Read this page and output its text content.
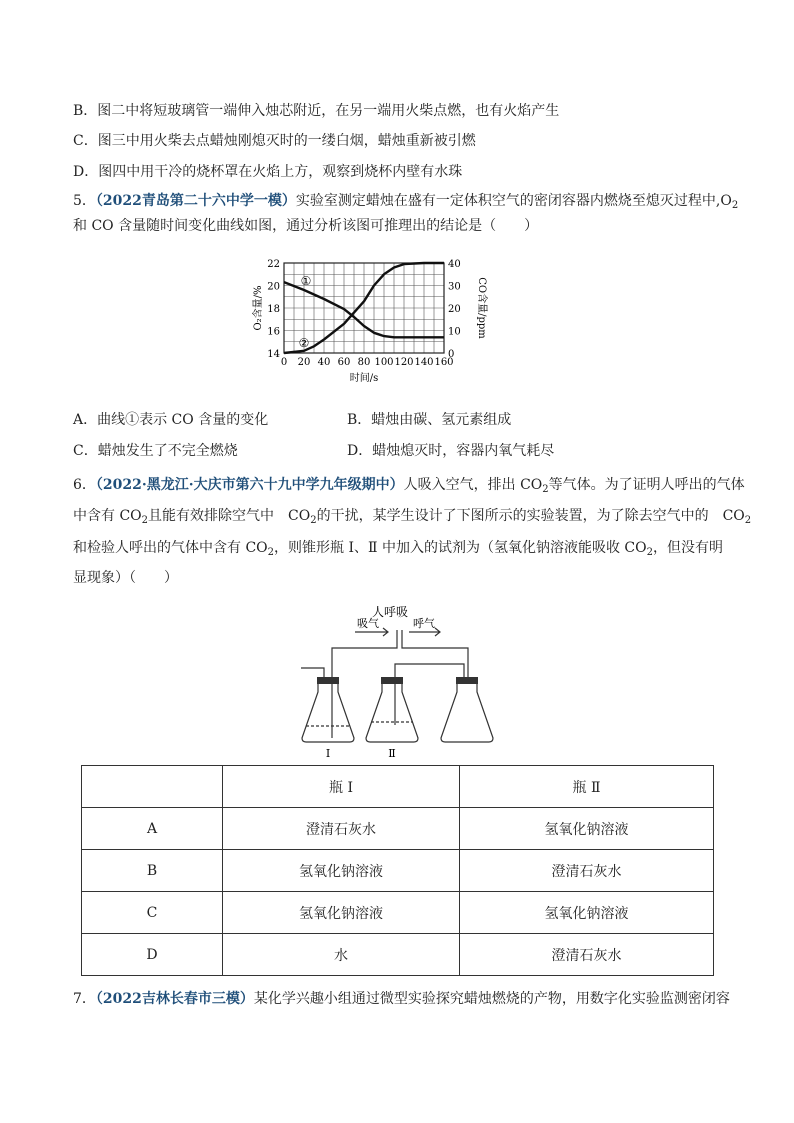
B．图二中将短玻璃管一端伸入烛芯附近，在另一端用火柴点燃，也有火焰产生
C．图三中用火柴去点蜡烛刚熄灭时的一缕白烟，蜡烛重新被引燃
D．图四中用干冷的烧杯罩在火焰上方，观察到烧杯内壁有水珠
5．（2022青岛第二十六中学一模）实验室测定蜡烛在盛有一定体积空气的密闭容器内燃烧至熄灭过程中$,O_2$
和 CO 含量随时间变化曲线如图，通过分析该图可推理出的结论是（　　）
0 20 40 60 80 100 120 140 160
14
16
18
20
22
0
10
20
30
40
①
②
时间/s
O₂含量/%	CO含量/ppm
A．曲线①表示 CO 含量的变化	B．蜡烛由碳、氢元素组成
C．蜡烛发生了不完全燃烧	D．蜡烛熄灭时，容器内氧气耗尽
6．（2022·黑龙江·大庆市第六十九中学九年级期中）人吸入空气，排出 $CO_2$等气体。为了证明人呼出的气体
中含有 $CO_2$且能有效排除空气中　$CO_2$的干扰，某学生设计了下图所示的实验装置，为了除去空气中的　$CO_2$
和检验人呼出的气体中含有 $CO_2$，则锥形瓶 Ⅰ、Ⅱ 中加入的试剂为（氢氧化钠溶液能吸收 $CO_2$，但没有明
显现象）（　　）
人呼吸
吸气	呼气
Ⅰ	Ⅱ
	瓶 Ⅰ	瓶 Ⅱ
A	澄清石灰水	氢氧化钠溶液
B	氢氧化钠溶液	澄清石灰水
C	氢氧化钠溶液	氢氧化钠溶液
D	水	澄清石灰水
7．（2022吉林长春市三模）某化学兴趣小组通过微型实验探究蜡烛燃烧的产物，用数字化实验监测密闭容
